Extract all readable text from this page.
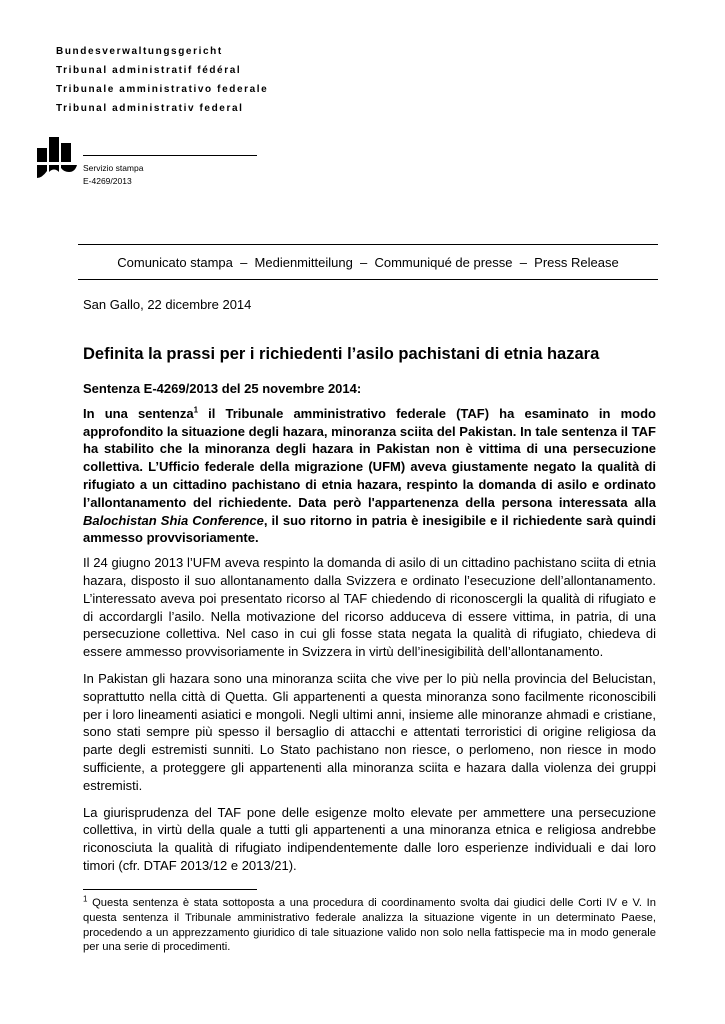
Bundesverwaltungsgericht
Tribunal administratif fédéral
Tribunale amministrativo federale
Tribunal administrativ federal
Servizio stampa
E-4269/2013
Comunicato stampa  –  Medienmitteilung  –  Communiqué de presse  –  Press Release
San Gallo, 22 dicembre 2014
Definita la prassi per i richiedenti l’asilo pachistani di etnia hazara

Sentenza E-4269/2013 del 25 novembre 2014:

In una sentenza$^1$ il Tribunale amministrativo federale (TAF) ha esaminato in modo approfondito la situazione degli hazara, minoranza sciita del Pakistan. In tale sentenza il TAF ha stabilito che la minoranza degli hazara in Pakistan non è vittima di una persecuzione collettiva. L’Ufficio federale della migrazione (UFM) aveva giustamente negato la qualità di rifugiato a un cittadino pachistano di etnia hazara, respinto la domanda di asilo e ordinato l’allontanamento del richiedente. Data però l'appartenenza della persona interessata alla Balochistan Shia Conference, il suo ritorno in patria è inesigibile e il richiedente sarà quindi ammesso provvisoriamente.

Il 24 giugno 2013 l’UFM aveva respinto la domanda di asilo di un cittadino pachistano sciita di etnia hazara, disposto il suo allontanamento dalla Svizzera e ordinato l’esecuzione dell’allontanamento. L’interessato aveva poi presentato ricorso al TAF chiedendo di riconoscergli la qualità di rifugiato e di accordargli l’asilo. Nella motivazione del ricorso adduceva di essere vittima, in patria, di una persecuzione collettiva. Nel caso in cui gli fosse stata negata la qualità di rifugiato, chiedeva di essere ammesso provvisoriamente in Svizzera in virtù dell’inesigibilità dell’allontanamento.

In Pakistan gli hazara sono una minoranza sciita che vive per lo più nella provincia del Belucistan, soprattutto nella città di Quetta. Gli appartenenti a questa minoranza sono facilmente riconoscibili per i loro lineamenti asiatici e mongoli. Negli ultimi anni, insieme alle minoranze ahmadi e cristiane, sono stati sempre più spesso il bersaglio di attacchi e attentati terroristici di origine religiosa da parte degli estremisti sunniti. Lo Stato pachistano non riesce, o perlomeno, non riesce in modo sufficiente, a proteggere gli appartenenti alla minoranza sciita e hazara dalla violenza dei gruppi estremisti.

La giurisprudenza del TAF pone delle esigenze molto elevate per ammettere una persecuzione collettiva, in virtù della quale a tutti gli appartenenti a una minoranza etnica e religiosa andrebbe riconosciuta la qualità di rifugiato indipendentemente dalle loro esperienze individuali e dai loro timori (cfr. DTAF 2013/12 e 2013/21).

$^1$ Questa sentenza è stata sottoposta a una procedura di coordinamento svolta dai giudici delle Corti IV e V. In questa sentenza il Tribunale amministrativo federale analizza la situazione vigente in un determinato Paese, procedendo a un apprezzamento giuridico di tale situazione valido non solo nella fattispecie ma in modo generale per una serie di procedimenti.
